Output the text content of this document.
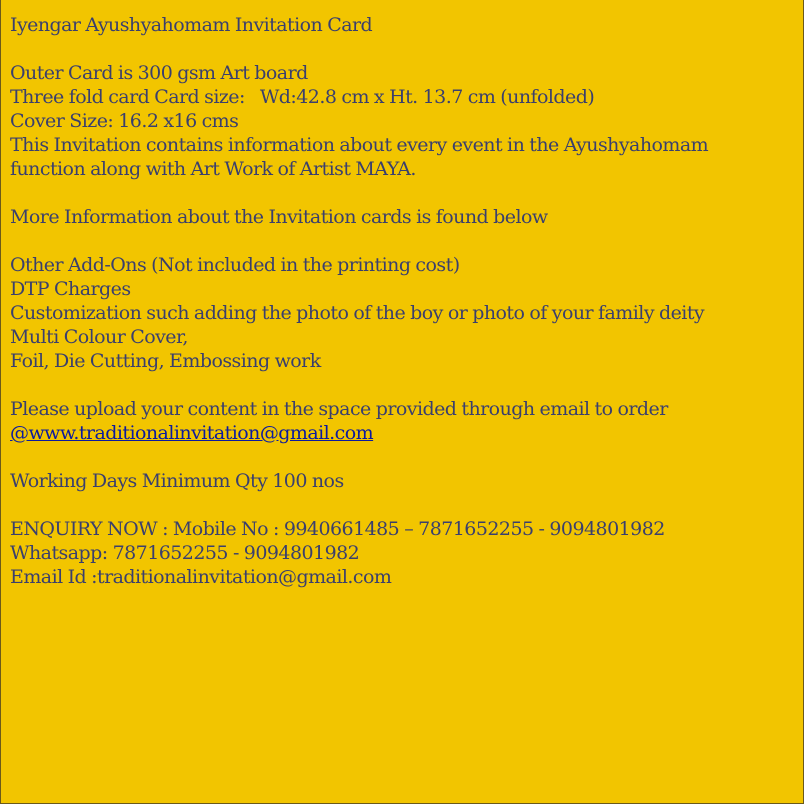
Iyengar Ayushyahomam Invitation Card
Outer Card is 300 gsm Art board
Three fold card Card size:   Wd:42.8 cm x Ht. 13.7 cm (unfolded)
Cover Size: 16.2 x16 cms
This Invitation contains information about every event in the Ayushyahomam
function along with Art Work of Artist MAYA.
More Information about the Invitation cards is found below
Other Add-Ons (Not included in the printing cost)
DTP Charges
Customization such adding the photo of the boy or photo of your family deity
Multi Colour Cover,
Foil, Die Cutting, Embossing work
Please upload your content in the space provided through email to order
@www.traditionalinvitation@gmail.com
Working Days Minimum Qty 100 nos
ENQUIRY NOW : Mobile No : 9940661485 – 7871652255 - 9094801982
Whatsapp: 7871652255 - 9094801982
Email Id :traditionalinvitation@gmail.com
